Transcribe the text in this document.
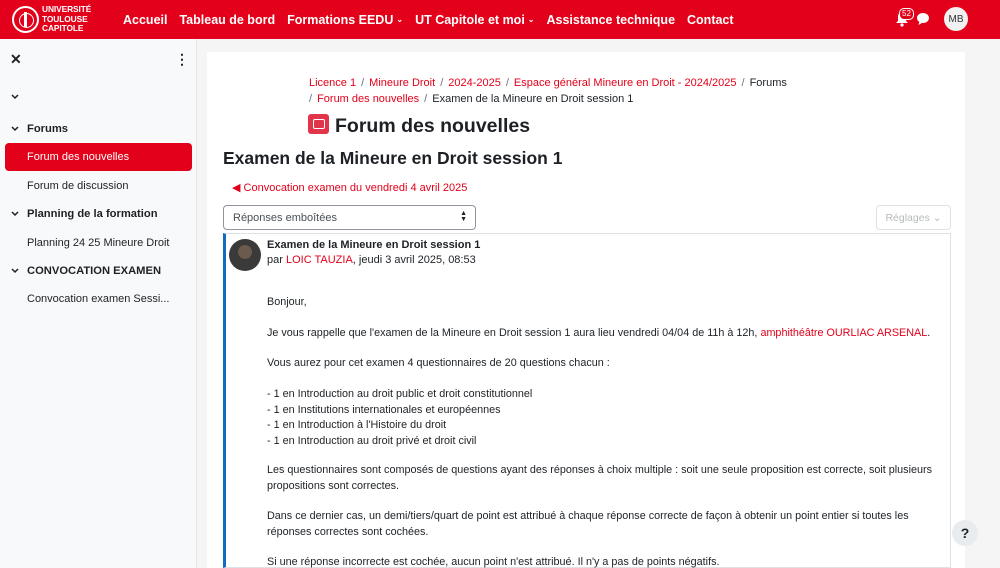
UNIVERSITÉ
TOULOUSE
CAPITOLE
Accueil Tableau de bord Formations EEDU ⌄ UT Capitole et moi ⌄ Assistance technique Contact	52	MB
✕	⋮
Forums
Forum des nouvelles
Forum de discussion
Planning de la formation
Planning 24 25 Mineure Droit
CONVOCATION EXAMEN
Convocation examen Sessi...
Licence 1 / Mineure Droit / 2024-2025 / Espace général Mineure en Droit - 2024/2025 / Forums
/ Forum des nouvelles / Examen de la Mineure en Droit session 1
Forum des nouvelles
Examen de la Mineure en Droit session 1
◀ Convocation examen du vendredi 4 avril 2025
Réponses emboîtées	▲
▼	Réglages ⌄
Examen de la Mineure en Droit session 1
par LOIC TAUZIA, jeudi 3 avril 2025, 08:53
Bonjour,
Je vous rappelle que l'examen de la Mineure en Droit session 1 aura lieu vendredi 04/04 de 11h à 12h, amphithéâtre OURLIAC ARSENAL.
Vous aurez pour cet examen 4 questionnaires de 20 questions chacun :
- 1 en Introduction au droit public et droit constitutionnel
- 1 en Institutions internationales et européennes
- 1 en Introduction à l'Histoire du droit
- 1 en Introduction au droit privé et droit civil
Les questionnaires sont composés de questions ayant des réponses à choix multiple : soit une seule proposition est correcte, soit plusieurs propositions sont correctes.
Dans ce dernier cas, un demi/tiers/quart de point est attribué à chaque réponse correcte de façon à obtenir un point entier si toutes les réponses correctes sont cochées.
Si une réponse incorrecte est cochée, aucun point n'est attribué. Il n'y a pas de points négatifs.
?
